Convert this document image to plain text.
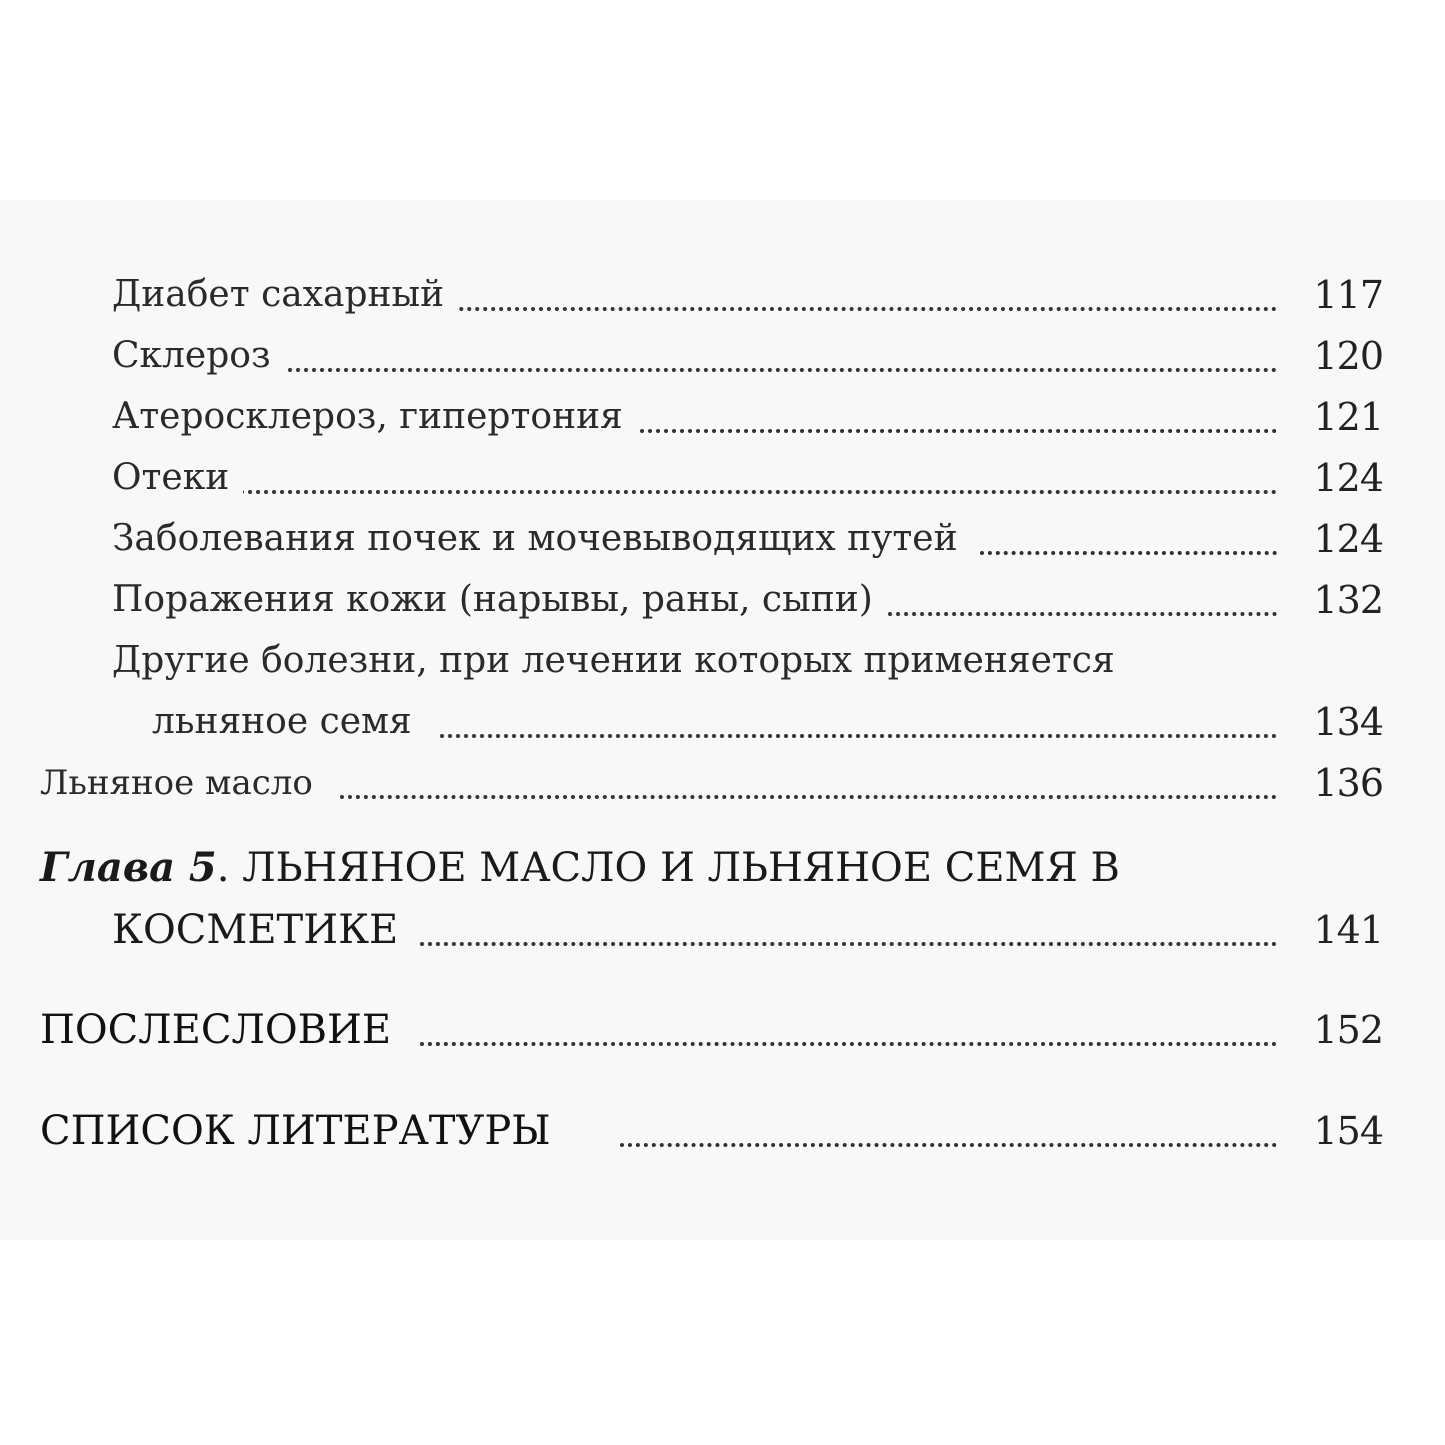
Диабет сахарный	117
Склероз	120
Атеросклероз, гипертония	121
Отеки	124
Заболевания почек и мочевыводящих путей	124
Поражения кожи (нарывы, раны, сыпи)	132
Другие болезни, при лечении которых применяется
льняное семя	134
Льняное масло	136
Глава 5. ЛЬНЯНОЕ МАСЛО И ЛЬНЯНОЕ СЕМЯ В
КОСМЕТИКЕ	141
ПОСЛЕСЛОВИЕ	152
СПИСОК ЛИТЕРАТУРЫ	154
